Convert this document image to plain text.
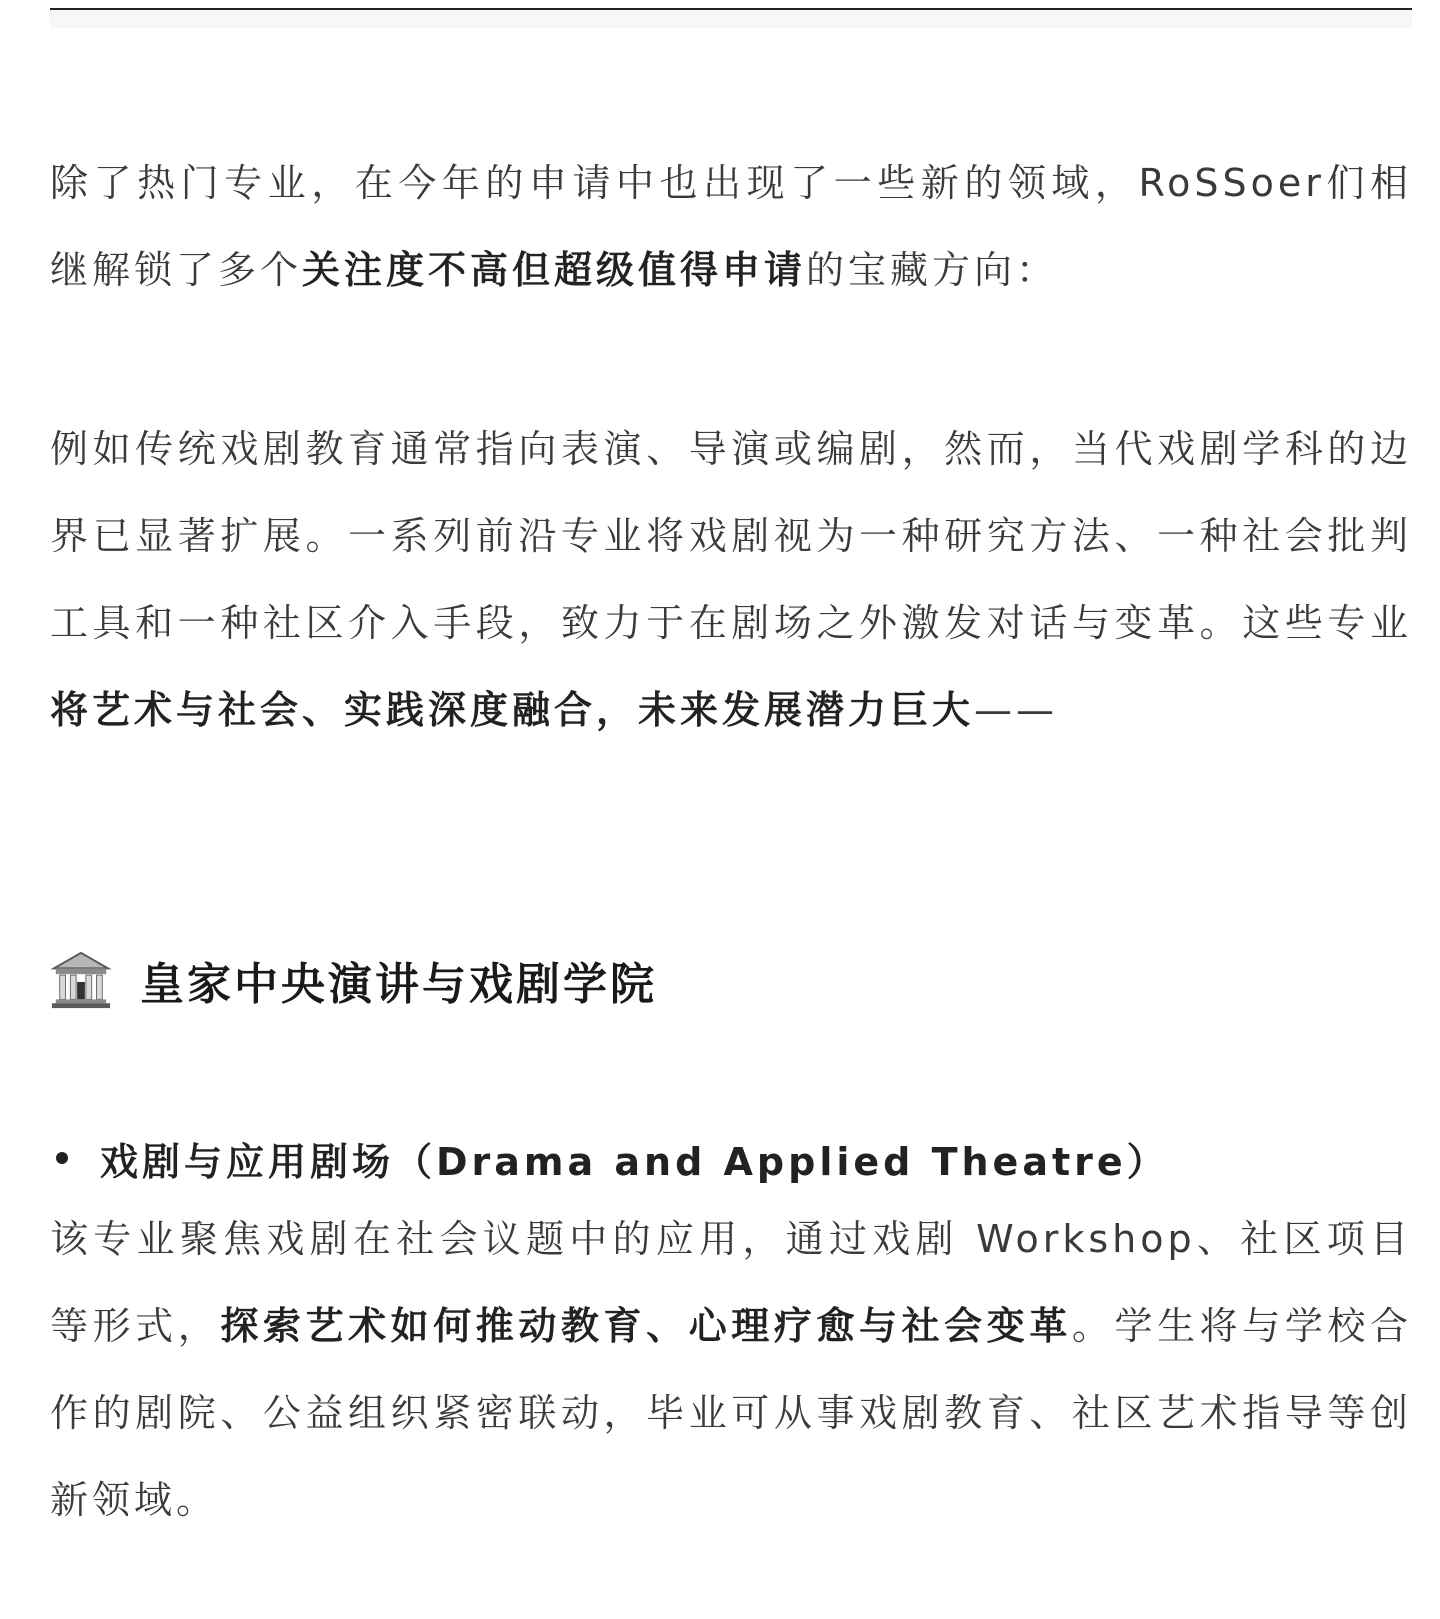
除了热门专业，在今年的申请中也出现了一些新的领域，RoSSoer们相继解锁了多个关注度不高但超级值得申请的宝藏方向：

例如传统戏剧教育通常指向表演、导演或编剧，然而，当代戏剧学科的边界已显著扩展。一系列前沿专业将戏剧视为一种研究方法、一种社会批判工具和一种社区介入手段，致力于在剧场之外激发对话与变革。这些专业将艺术与社会、实践深度融合，未来发展潜力巨大——

皇家中央演讲与戏剧学院
戏剧与应用剧场（Drama and Applied Theatre）

该专业聚焦戏剧在社会议题中的应用，通过戏剧 Workshop、社区项目等形式，探索艺术如何推动教育、心理疗愈与社会变革。学生将与学校合作的剧院、公益组织紧密联动，毕业可从事戏剧教育、社区艺术指导等创新领域。
